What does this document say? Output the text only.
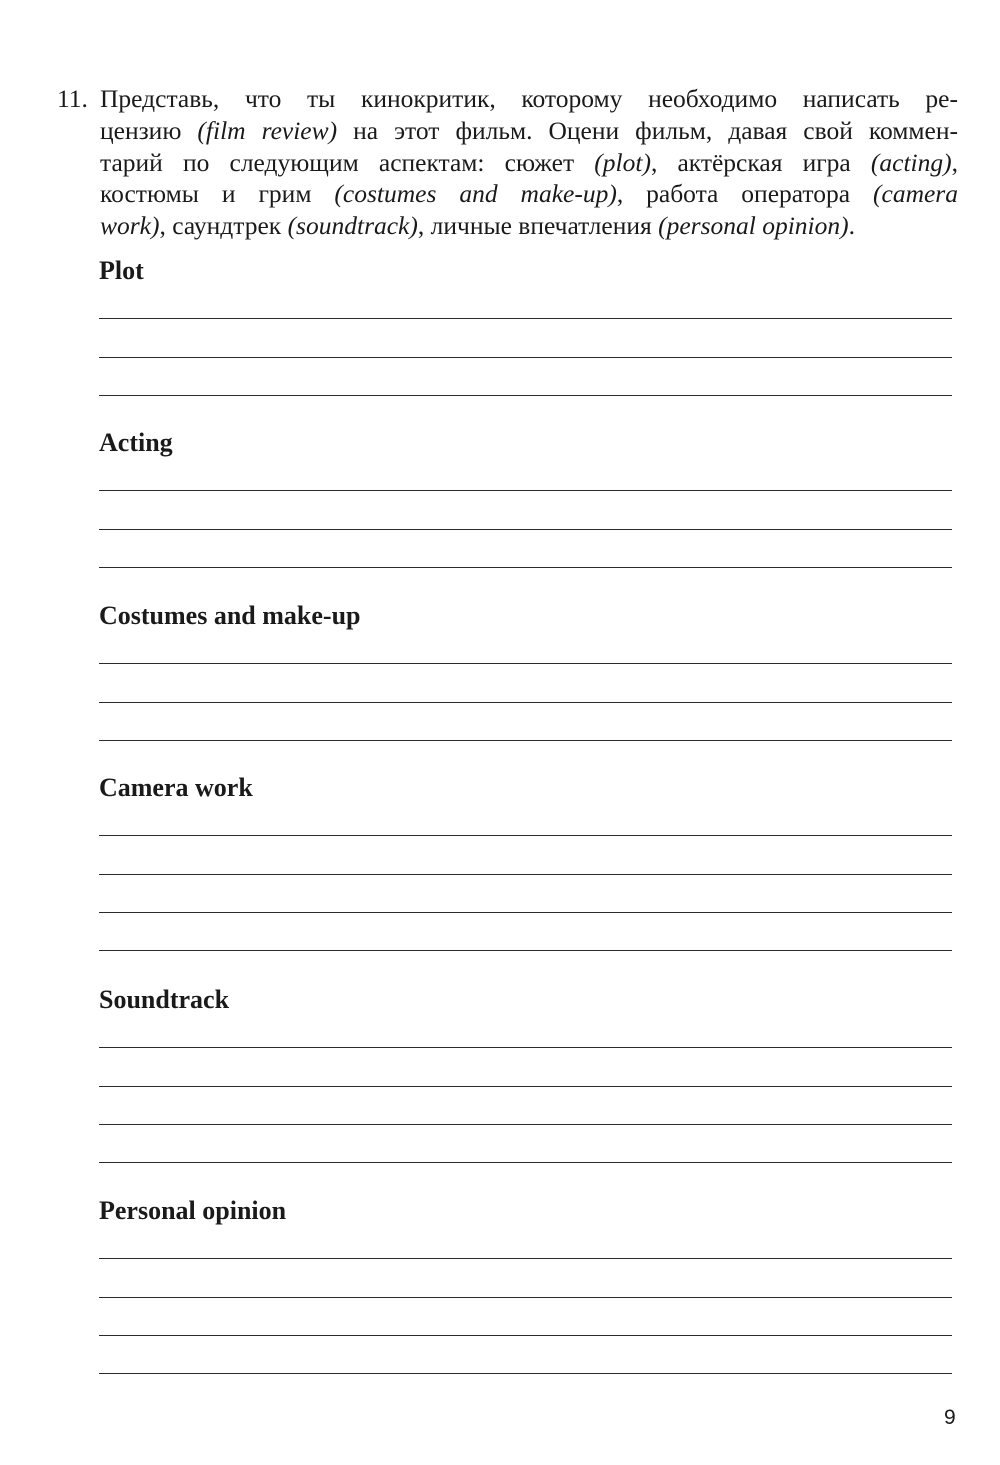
11. Представь, что ты кинокритик, которому необходимо написать ре-
цензию (film review) на этот фильм. Оцени фильм, давая свой коммен-
тарий по следующим аспектам: сюжет (plot), актёрская игра (acting),
костюмы и грим (costumes and make-up), работа оператора (camera
work), саундтрек (soundtrack), личные впечатления (personal opinion).
Plot
Acting
Costumes and make-up
Camera work
Soundtrack
Personal opinion
9
